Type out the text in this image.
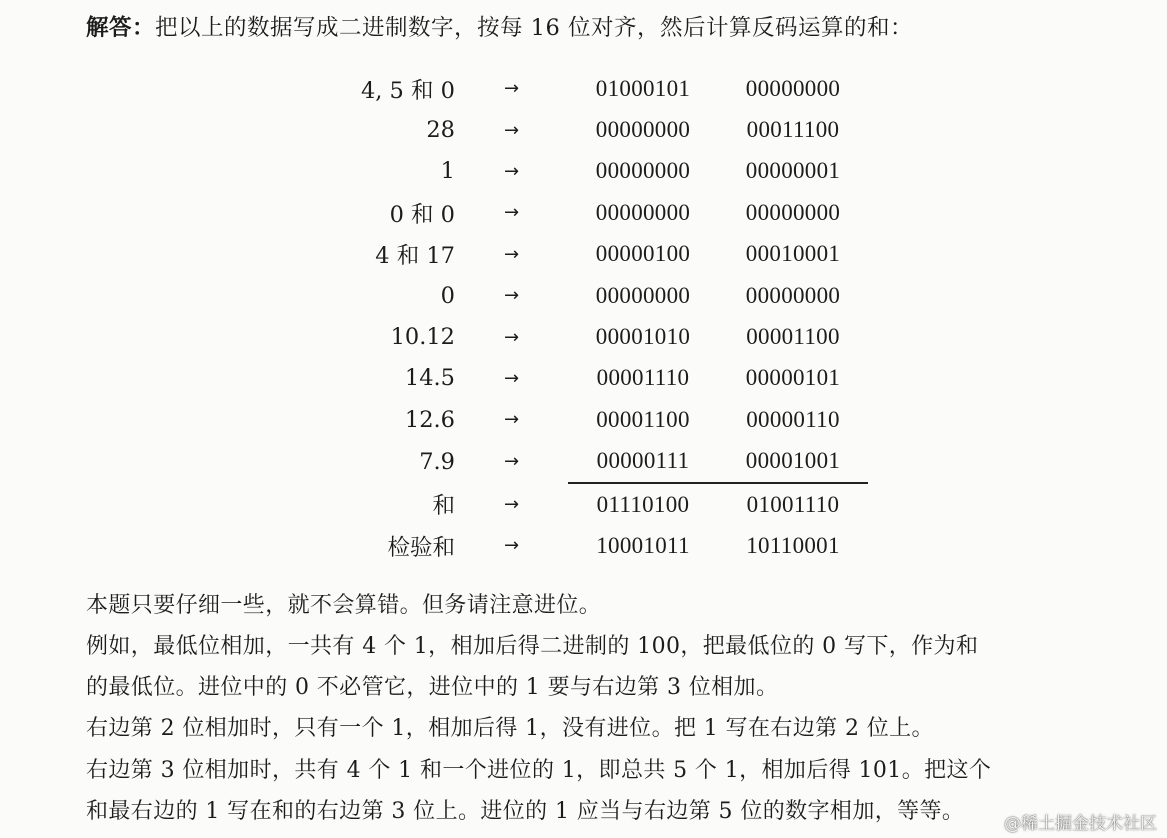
解答：把以上的数据写成二进制数字，按每 16 位对齐，然后计算反码运算的和：
4, 5 和 0	→	01000101	00000000
28	→	00000000	00011100
1	→	00000000	00000001
0 和 0	→	00000000	00000000
4 和 17	→	00000100	00010001
0	→	00000000	00000000
10.12	→	00001010	00001100
14.5	→	00001110	00000101
12.6	→	00001100	00000110
7.9	→	00000111	00001001
和	→	01110100	01001110
检验和	→	10001011	10110001
本题只要仔细一些，就不会算错。但务请注意进位。
例如，最低位相加，一共有 4 个 1，相加后得二进制的 100，把最低位的 0 写下，作为和
的最低位。进位中的 0 不必管它，进位中的 1 要与右边第 3 位相加。
右边第 2 位相加时，只有一个 1，相加后得 1，没有进位。把 1 写在右边第 2 位上。
右边第 3 位相加时，共有 4 个 1 和一个进位的 1，即总共 5 个 1，相加后得 101。把这个
和最右边的 1 写在和的右边第 3 位上。进位的 1 应当与右边第 5 位的数字相加，等等。 @稀土掘金技术社区
